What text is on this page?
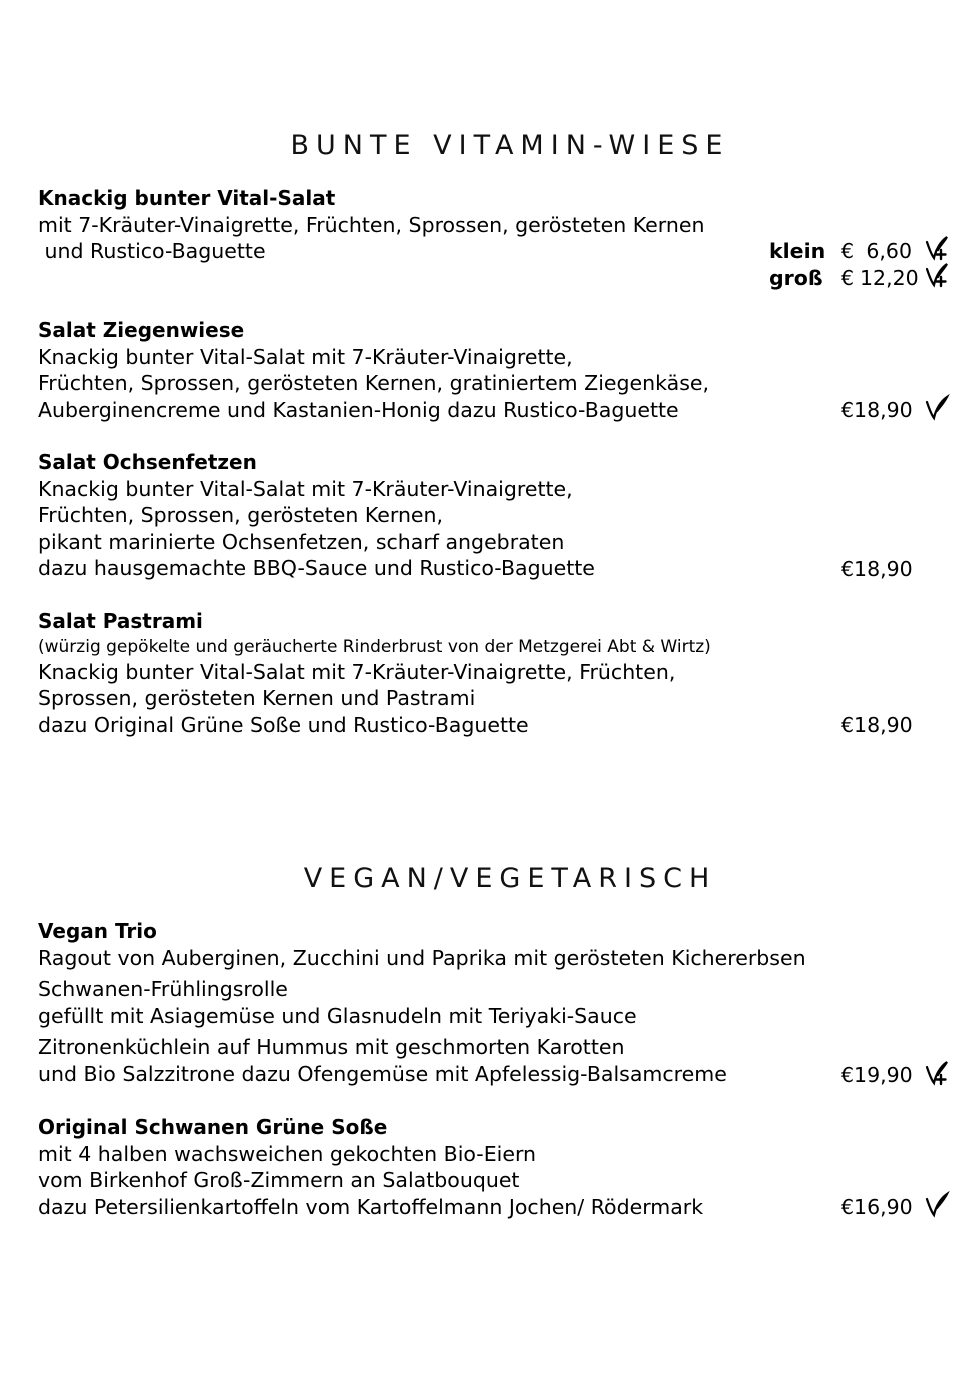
BUNTE VITAMIN-WIESE
Knackig bunter Vital-Salat
mit 7-Kräuter-Vinaigrette, Früchten, Sprossen, gerösteten Kernen
und Rustico-Baguette	klein € 6,60
groß € 12,20
Salat Ziegenwiese
Knackig bunter Vital-Salat mit 7-Kräuter-Vinaigrette,
Früchten, Sprossen, gerösteten Kernen, gratiniertem Ziegenkäse,
Auberginencreme und Kastanien-Honig dazu Rustico-Baguette	€18,90
Salat Ochsenfetzen
Knackig bunter Vital-Salat mit 7-Kräuter-Vinaigrette,
Früchten, Sprossen, gerösteten Kernen,
pikant marinierte Ochsenfetzen, scharf angebraten
dazu hausgemachte BBQ-Sauce und Rustico-Baguette	€18,90
Salat Pastrami
(würzig gepökelte und geräucherte Rinderbrust von der Metzgerei Abt & Wirtz)
Knackig bunter Vital-Salat mit 7-Kräuter-Vinaigrette, Früchten,
Sprossen, gerösteten Kernen und Pastrami
dazu Original Grüne Soße und Rustico-Baguette	€18,90
VEGAN/VEGETARISCH
Vegan Trio
Ragout von Auberginen, Zucchini und Paprika mit gerösteten Kichererbsen
Schwanen-Frühlingsrolle
gefüllt mit Asiagemüse und Glasnudeln mit Teriyaki-Sauce
Zitronenküchlein auf Hummus mit geschmorten Karotten
und Bio Salzzitrone dazu Ofengemüse mit Apfelessig-Balsamcreme	€19,90
Original Schwanen Grüne Soße
mit 4 halben wachsweichen gekochten Bio-Eiern
vom Birkenhof Groß-Zimmern an Salatbouquet
dazu Petersilienkartoffeln vom Kartoffelmann Jochen/ Rödermark	€16,90
